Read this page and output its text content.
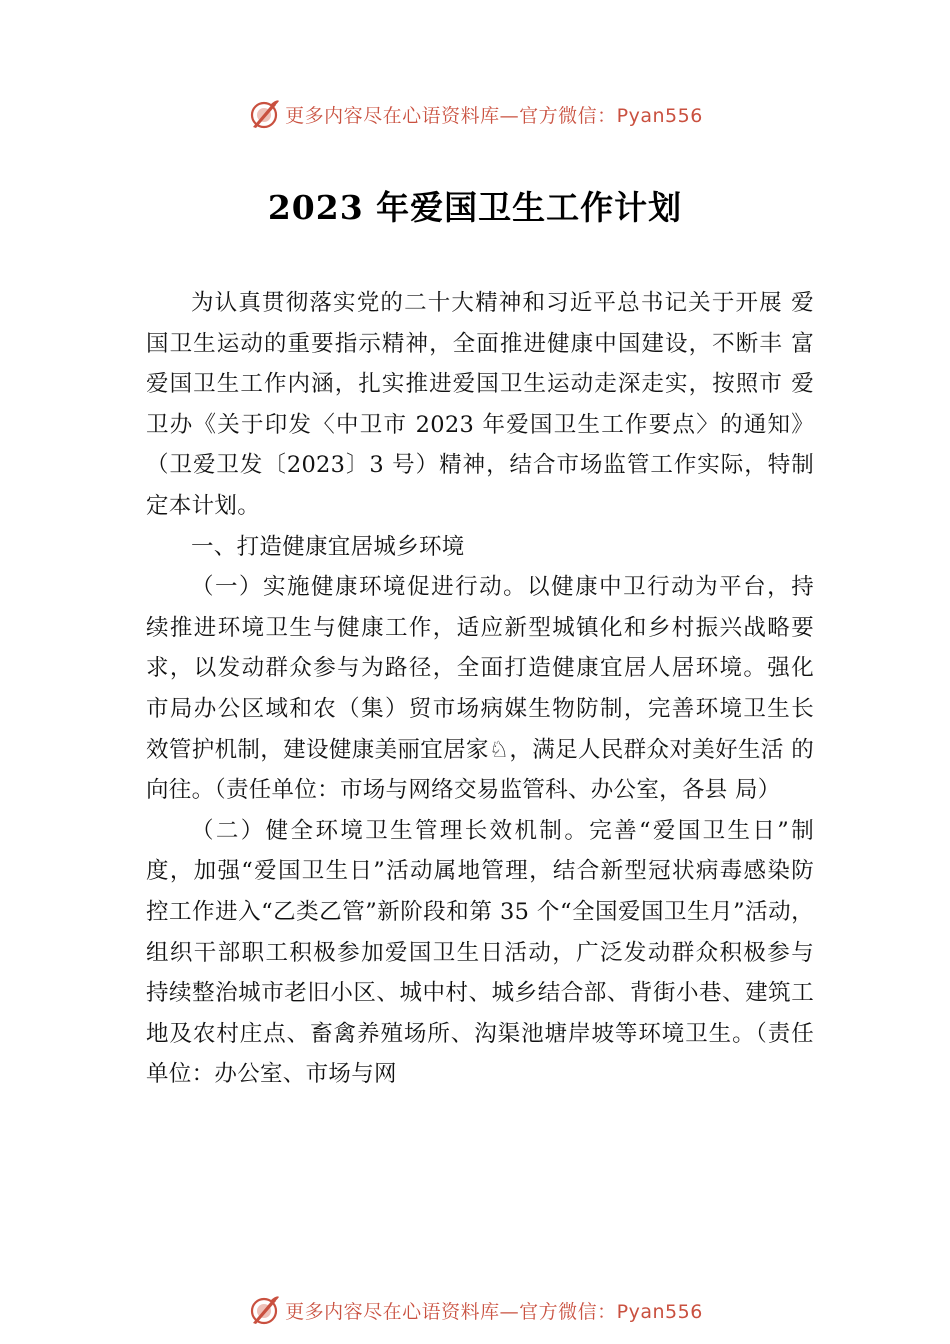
更多内容尽在心语资料库—官方微信：Pyan556
2023 年爱国卫生工作计划

为认真贯彻落实党的二十大精神和习近平总书记关于开展 爱国卫生运动的重要指示精神，全面推进健康中国建设，不断丰 富爱国卫生工作内涵，扎实推进爱国卫生运动走深走实，按照市 爱卫办《关于印发〈中卫市 2023 年爱国卫生工作要点〉的通知》 （卫爱卫发〔2023〕3 号）精神，结合市场监管工作实际，特制 定本计划。

一、打造健康宜居城乡环境

（一）实施健康环境促进行动。以健康中卫行动为平台，持 续推进环境卫生与健康工作，适应新型城镇化和乡村振兴战略要 求，以发动群众参与为路径，全面打造健康宜居人居环境。强化 市局办公区域和农（集）贸市场病媒生物防制，完善环境卫生长 效管护机制，建设健康美丽宜居家♘，满足人民群众对美好生活 的向往。（责任单位：市场与网络交易监管科、办公室，各县 局）

（二）健全环境卫生管理长效机制。完善“爱国卫生日”制 度，加强“爱国卫生日”活动属地管理，结合新型冠状病毒感染防 控工作进入“乙类乙管”新阶段和第 35 个“全国爱国卫生月”活动， 组织干部职工积极参加爱国卫生日活动，广泛发动群众积极参与 持续整治城市老旧小区、城中村、城乡结合部、背街小巷、建筑工地及农村庄点、畜禽养殖场所、沟渠池塘岸坡等环境卫生。（责任单位：办公室、市场与网

更多内容尽在心语资料库—官方微信：Pyan556
